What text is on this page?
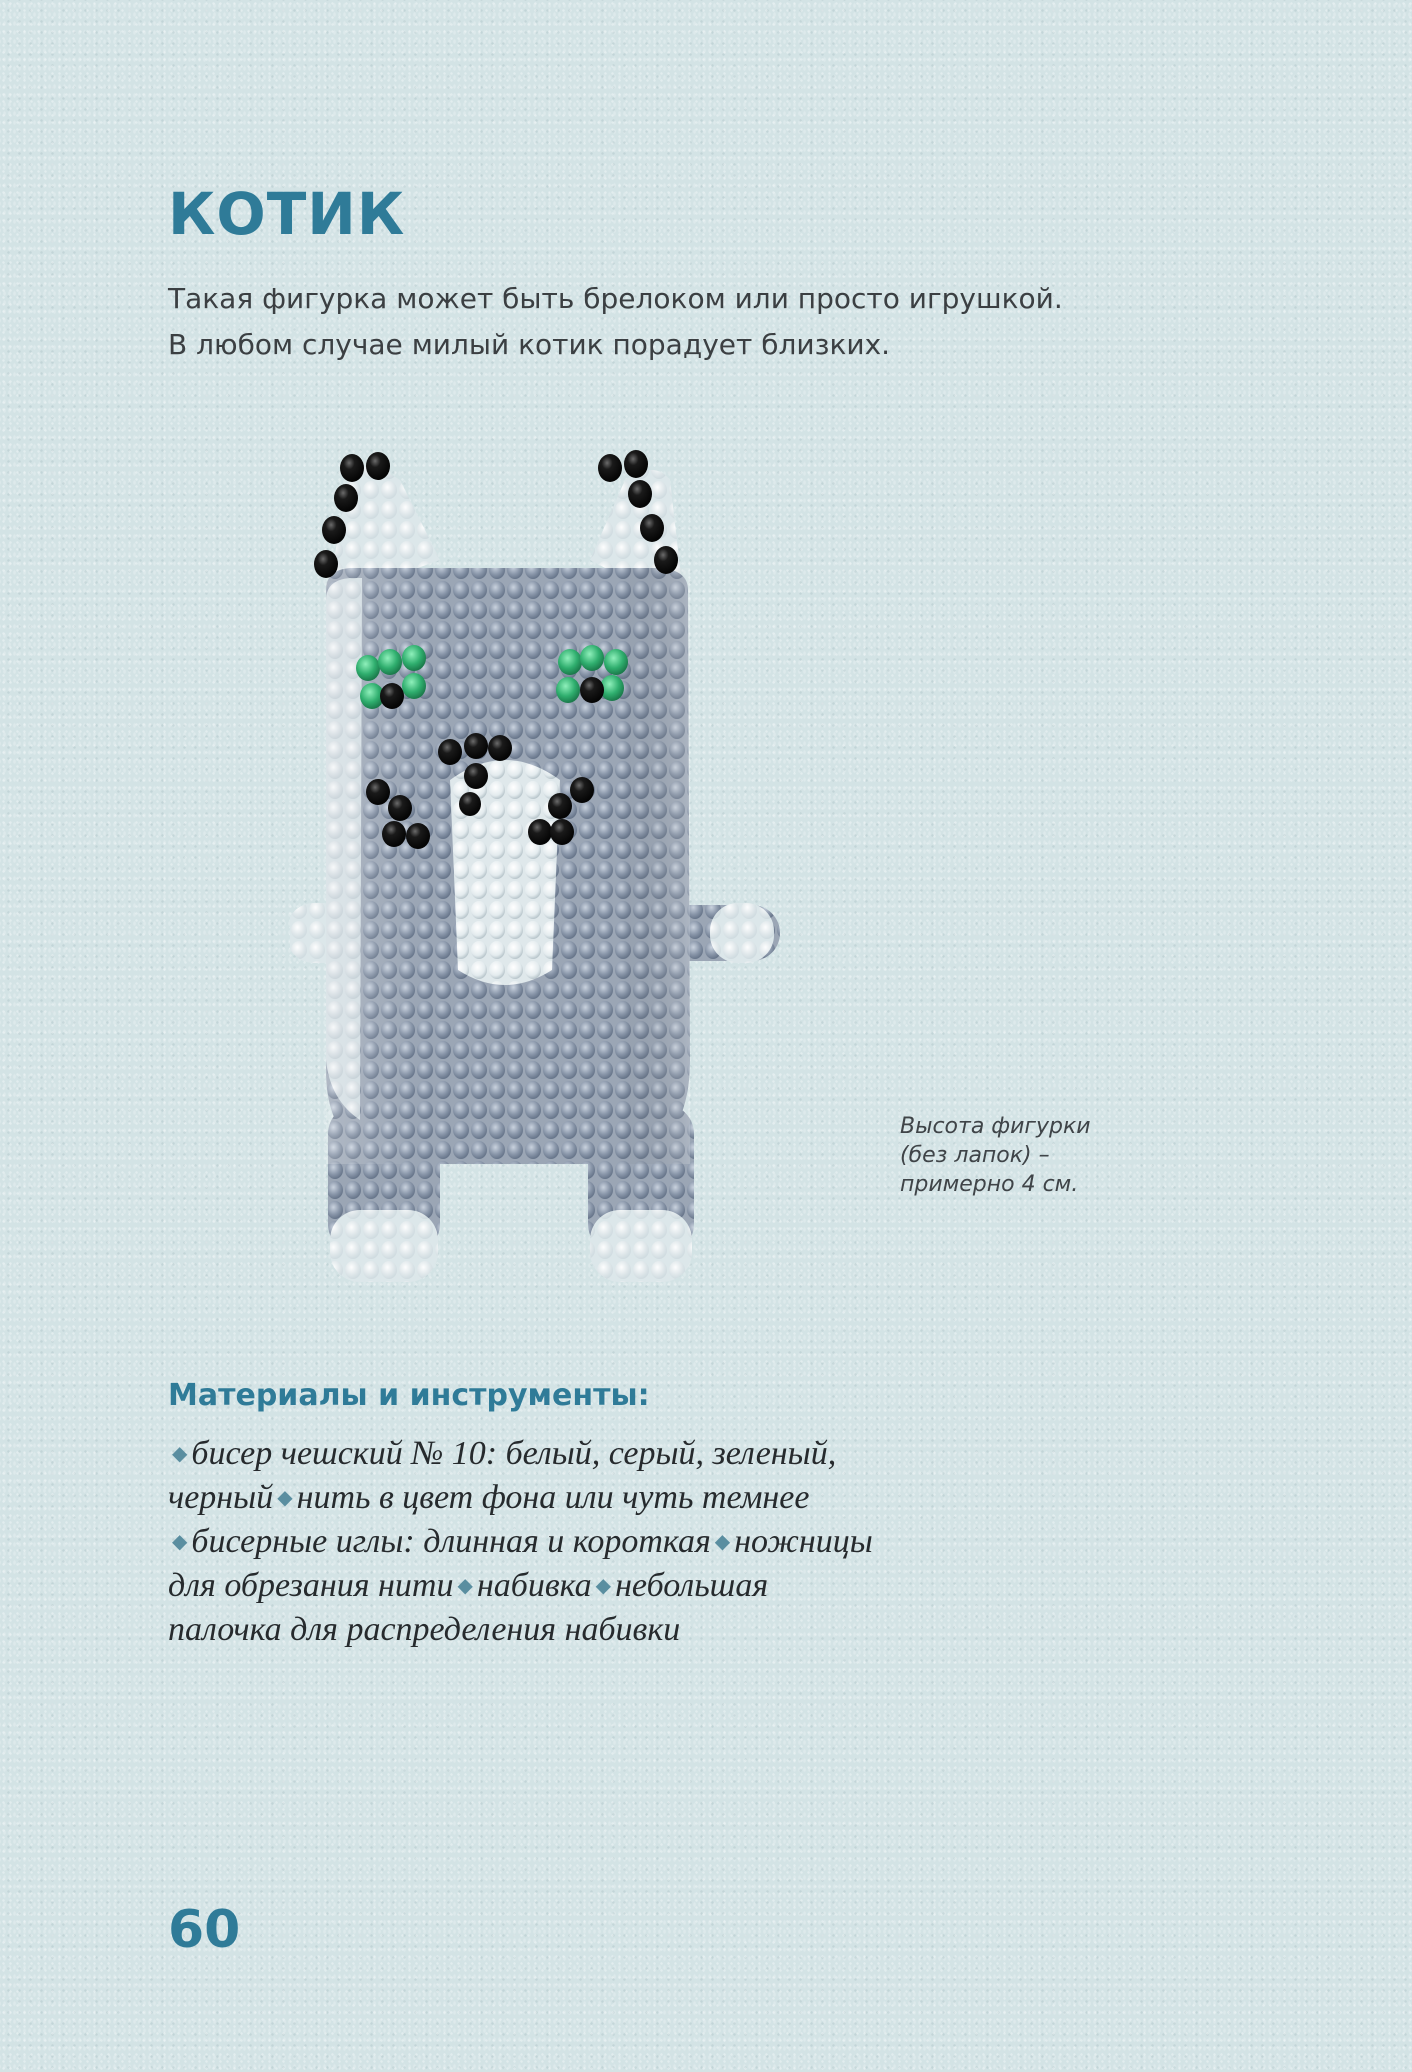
КОТИК

Такая фигурка может быть брелоком или просто игрушкой.
В любом случае милый котик порадует близких.

Высота фигурки
(без лапок) –
примерно 4 см.

Материалы и инструменты:
◆ бисер чешский № 10: белый, серый, зеленый,
черный ◆ нить в цвет фона или чуть темнее
◆ бисерные иглы: длинная и короткая ◆ ножницы
для обрезания нити ◆ набивка ◆ небольшая
палочка для распределения набивки
60
